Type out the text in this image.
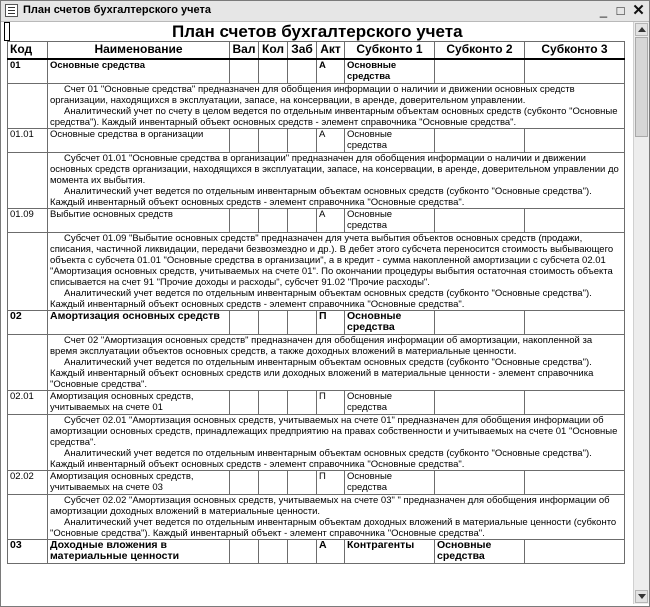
План счетов бухгалтерского учета	_ □ ✕
План счетов бухгалтерского учета
Код	Наименование	Вал	Кол	Заб	Акт	Субконто 1	Субконто 2	Субконто 3
01	Основные средства				А	Основные средства		

	Счет 01 "Основные средства" предназначен для обобщения информации о наличии и движении основных средств организации, находящихся в эксплуатации, запасе, на консервации, в аренде, доверительном управлении.
Аналитический учет по счету в целом ведется по отдельным инвентарным объектам основных средств (субконто "Основные средства"). Каждый инвентарный объект основных средств - элемент справочника "Основные средства".							

01.01	Основные средства в организации				А	Основные средства		

	Субсчет 01.01 "Основные средства в организации" предназначен для обобщения информации о наличии и движении основных средств организации, находящихся в эксплуатации, запасе, на консервации, в аренде, доверительном управлении до момента их выбытия.
Аналитический учет ведется по отдельным инвентарным объектам основных средств (субконто "Основные средства"). Каждый инвентарный объект основных средств - элемент справочника "Основные средства".							

01.09	Выбытие основных средств				А	Основные средства		

	Субсчет 01.09 "Выбытие основных средств" предназначен для учета выбытия объектов основных средств (продажи, списания, частичной ликвидации, передачи безвозмездно и др.). В дебет этого субсчета переносится стоимость выбывающего объекта с субсчета 01.01 "Основные средства в организации", а в кредит - сумма накопленной амортизации с субсчета 02.01 "Амортизация основных средств, учитываемых на счете 01". По окончании процедуры выбытия остаточная стоимость объекта списывается на счет 91 "Прочие доходы и расходы", субсчет 91.02 "Прочие расходы".
Аналитический учет ведется по отдельным инвентарным объектам основных средств (субконто "Основные средства"). Каждый инвентарный объект основных средств - элемент справочника "Основные средства".							

02	Амортизация основных средств				П	Основные средства		

	Счет 02 "Амортизация основных средств" предназначен для обобщения информации об амортизации, накопленной за время эксплуатации объектов основных средств, а также доходных вложений в материальные ценности.
Аналитический учет ведется по отдельным инвентарным объектам основных средств (субконто "Основные средства"). Каждый инвентарный объект основных средств или доходных вложений в материальные ценности - элемент справочника "Основные средства".							

02.01	Амортизация основных средств, учитываемых на счете 01				П	Основные средства		

	Субсчет 02.01 "Амортизация основных средств, учитываемых на счете 01" предназначен для обобщения информации об амортизации основных средств, принадлежащих предприятию на правах собственности и учитываемых на счете 01 "Основные средства".
Аналитический учет ведется по отдельным инвентарным объектам основных средств (субконто "Основные средства"). Каждый инвентарный объект основных средств - элемент справочника "Основные средства".							

02.02	Амортизация основных средств, учитываемых на счете 03				П	Основные средства		

	Субсчет 02.02 "Амортизация основных средств, учитываемых на счете 03" " предназначен для обобщения информации об амортизации доходных вложений в материальные ценности.
Аналитический учет ведется по отдельным инвентарным объектам доходных вложений в материальные ценности (субконто "Основные средства"). Каждый инвентарный объект - элемент справочника "Основные средства".							

03	Доходные вложения в материальные ценности				А	Контрагенты	Основные средства	
